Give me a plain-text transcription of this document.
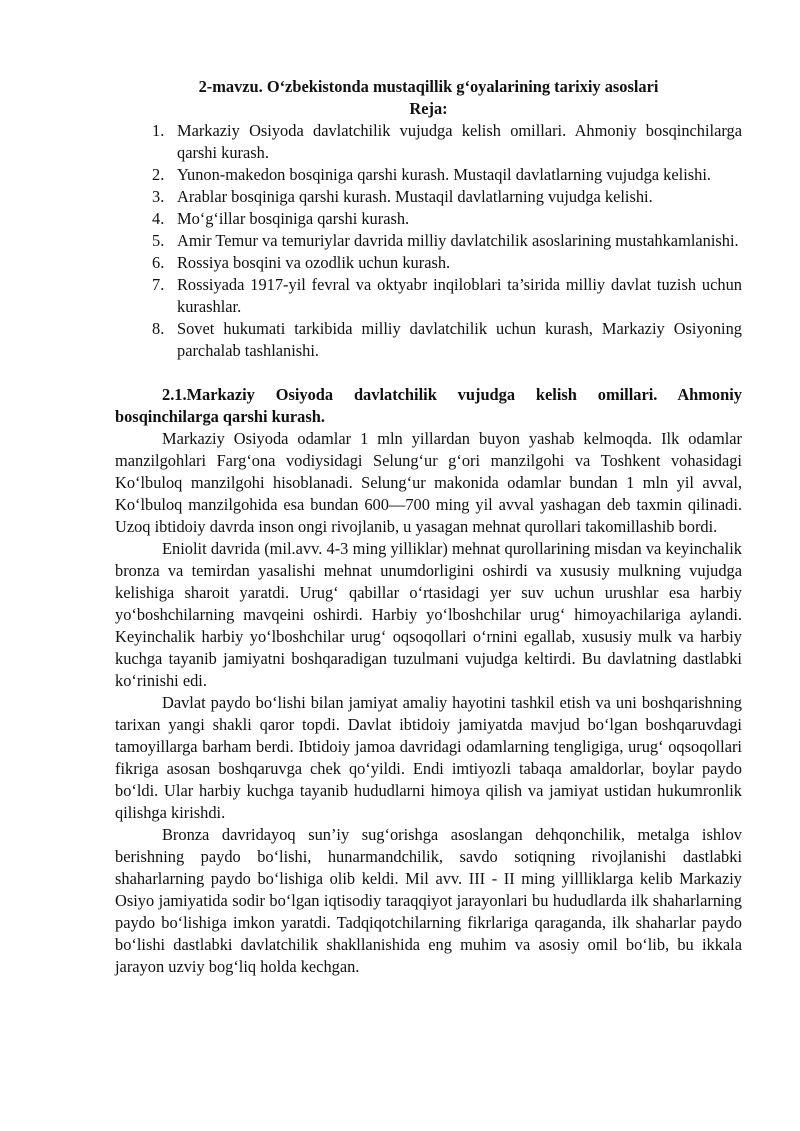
2-mavzu. O‘zbekistonda mustaqillik g‘oyalarining tarixiy asoslari
Reja:
1. Markaziy Osiyoda davlatchilik vujudga kelish omillari. Ahmoniy bosqinchilarga qarshi kurash.
2. Yunon-makedon bosqiniga qarshi kurash. Mustaqil davlatlarning vujudga kelishi.
3. Arablar bosqiniga qarshi kurash. Mustaqil davlatlarning vujudga kelishi.
4. Mo‘g‘illar bosqiniga qarshi kurash.
5. Amir Temur va temuriylar davrida milliy davlatchilik asoslarining mustahkamlanishi.
6. Rossiya bosqini va ozodlik uchun kurash.
7. Rossiyada 1917-yil fevral va oktyabr inqiloblari ta’sirida milliy davlat tuzish uchun kurashlar.
8. Sovet hukumati tarkibida milliy davlatchilik uchun kurash, Markaziy Osiyoning parchalab tashlanishi.
2.1.Markaziy Osiyoda davlatchilik vujudga kelish omillari. Ahmoniy bosqinchilarga qarshi kurash.

Markaziy Osiyoda odamlar 1 mln yillardan buyon yashab kelmoqda. Ilk odamlar manzilgohlari Farg‘ona vodiysidagi Selung‘ur g‘ori manzilgohi va Toshkent vohasidagi Ko‘lbuloq manzilgohi hisoblanadi. Selung‘ur makonida odamlar bundan 1 mln yil avval, Ko‘lbuloq manzilgohida esa bundan 600—700 ming yil avval yashagan deb taxmin qilinadi. Uzoq ibtidoiy davrda inson ongi rivojlanib, u yasagan mehnat qurollari takomillashib bordi.

Eniolit davrida (mil.avv. 4-3 ming yilliklar) mehnat qurollarining misdan va keyinchalik bronza va temirdan yasalishi mehnat unumdorligini oshirdi va xususiy mulkning vujudga kelishiga sharoit yaratdi. Urug‘ qabillar o‘rtasidagi yer suv uchun urushlar esa harbiy yo‘boshchilarning mavqeini oshirdi. Harbiy yo‘lboshchilar urug‘ himoyachilariga aylandi. Keyinchalik harbiy yo‘lboshchilar urug‘ oqsoqollari o‘rnini egallab, xususiy mulk va harbiy kuchga tayanib jamiyatni boshqaradigan tuzulmani vujudga keltirdi. Bu davlatning dastlabki ko‘rinishi edi.

Davlat paydo bo‘lishi bilan jamiyat amaliy hayotini tashkil etish va uni boshqarishning tarixan yangi shakli qaror topdi. Davlat ibtidoiy jamiyatda mavjud bo‘lgan boshqaruvdagi tamoyillarga barham berdi. Ibtidoiy jamoa davridagi odamlarning tengligiga, urug‘ oqsoqollari fikriga asosan boshqaruvga chek qo‘yildi. Endi imtiyozli tabaqa amaldorlar, boylar paydo bo‘ldi. Ular harbiy kuchga tayanib hududlarni himoya qilish va jamiyat ustidan hukumronlik qilishga kirishdi.

Bronza davridayoq sun’iy sug‘orishga asoslangan dehqonchilik, metalga ishlov berishning paydo bo‘lishi, hunarmandchilik, savdo sotiqning rivojlanishi dastlabki shaharlarning paydo bo‘lishiga olib keldi. Mil avv. III - II ming yillliklarga kelib Markaziy Osiyo jamiyatida sodir bo‘lgan iqtisodiy taraqqiyot jarayonlari bu hududlarda ilk shaharlarning paydo bo‘lishiga imkon yaratdi. Tadqiqotchilarning fikrlariga qaraganda, ilk shaharlar paydo bo‘lishi dastlabki davlatchilik shakllanishida eng muhim va asosiy omil bo‘lib, bu ikkala jarayon uzviy bog‘liq holda kechgan.
